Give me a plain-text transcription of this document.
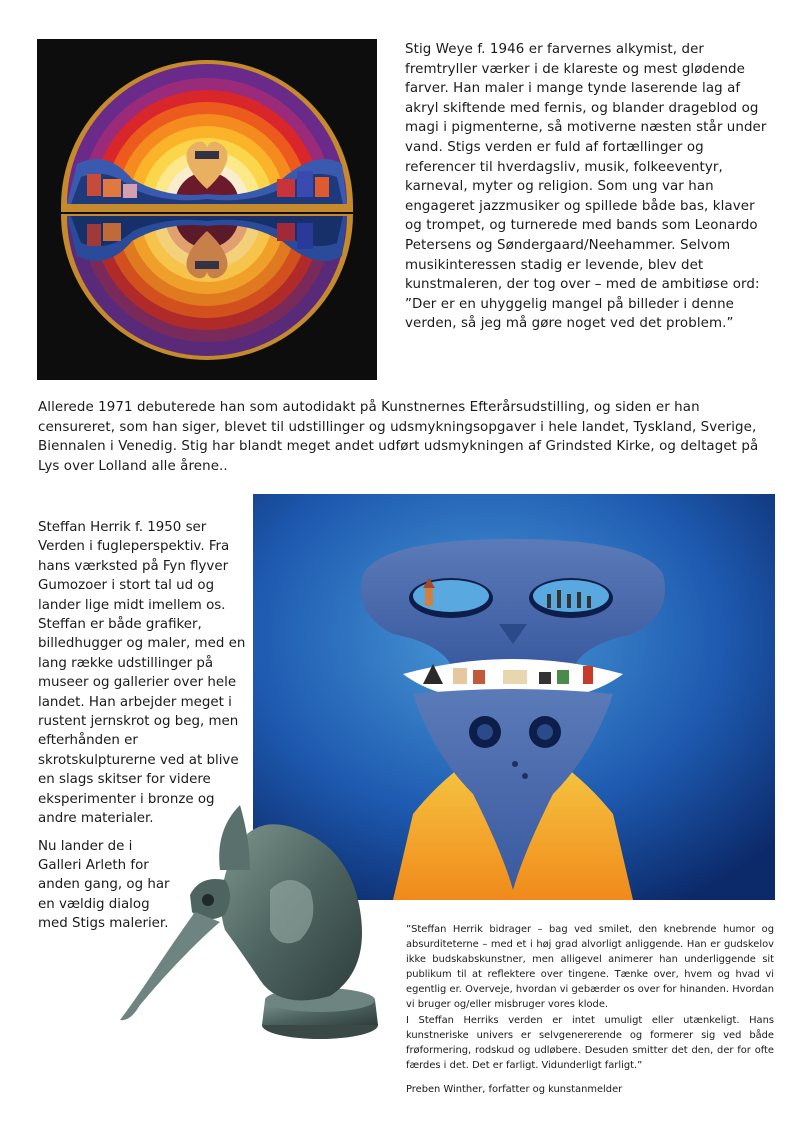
Stig Weye f. 1946 er farvernes alkymist, der fremtryller værker i de klareste og mest glødende farver. Han maler i mange tynde laserende lag af akryl skiftende med fernis, og blander drageblod og magi i pigmenterne, så motiverne næsten står under vand. Stigs verden er fuld af fortællinger og referencer til hverdagsliv, musik, folkeeventyr, karneval, myter og religion. Som ung var han engageret jazzmusiker og spillede både bas, klaver og trompet, og turnerede med bands som Leonardo Petersens og Søndergaard/Neehammer. Selvom musikinteressen stadig er levende, blev det kunstmaleren, der tog over – med de ambitiøse ord: ”Der er en uhyggelig mangel på billeder i denne verden, så jeg må gøre noget ved det problem.”

Allerede 1971 debuterede han som autodidakt på Kunstnernes Efterårsudstilling, og siden er han censureret, som han siger, blevet til udstillinger og udsmykningsopgaver i hele landet, Tyskland, Sverige, Biennalen i Venedig. Stig har blandt meget andet udført udsmykningen af Grindsted Kirke, og deltaget på Lys over Lolland alle årene..

Steffan Herrik f. 1950 ser Verden i fugleperspektiv. Fra hans værksted på Fyn flyver Gumozoer i stort tal ud og lander lige midt imellem os. Steffan er både grafiker, billedhugger og maler, med en lang række udstillinger på museer og gallerier over hele landet. Han arbejder meget i rustent jernskrot og beg, men efterhånden er skrotskulpturerne ved at blive en slags skitser for videre eksperimenter i bronze og andre materialer.

Nu lander de i Galleri Arleth for anden gang, og har en vældig dialog med Stigs malerier.	”Steffan Herrik bidrager – bag ved smilet, den knebrende humor og absurditeterne – med et i høj grad alvorligt anliggende. Han er gudskelov ikke budskabskunstner, men alligevel animerer han underliggende sit publikum til at reflektere over tingene. Tænke over, hvem og hvad vi egentlig er. Overveje, hvordan vi gebærder os over for hinanden. Hvordan vi bruger og/eller misbruger vores klode.

I Steffan Herriks verden er intet umuligt eller utænkeligt. Hans kunstneriske univers er selvgenererende og formerer sig ved både frøformering, rodskud og udløbere. Desuden smitter det den, der for ofte færdes i det. Det er farligt. Vidunderligt farligt.”

Preben Winther, forfatter og kunstanmelder
